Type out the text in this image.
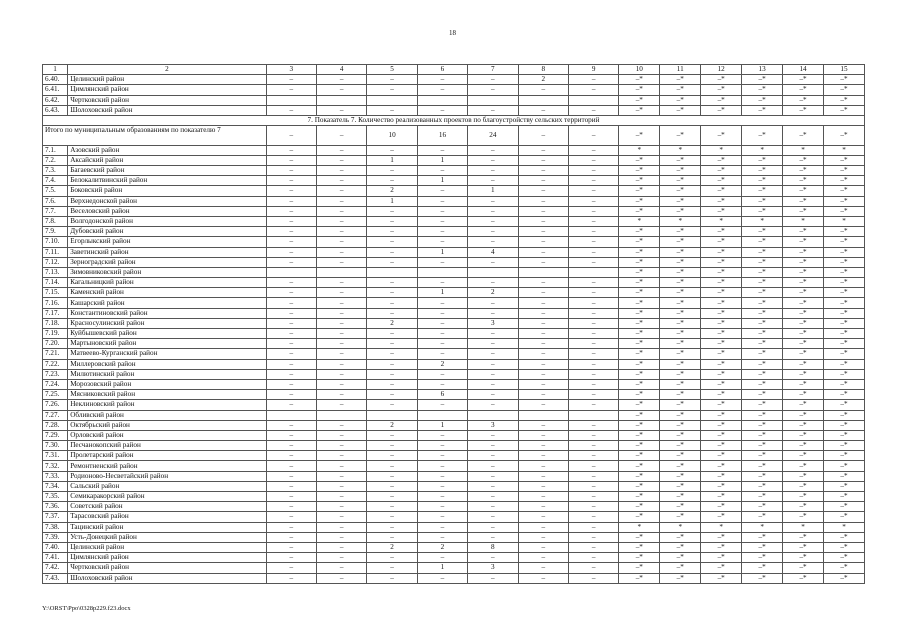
18
1	2	3	4	5	6	7	8	9	10	11	12	13	14	15
6.40.	Целинский район	–	–	–	–	–	2	–	–*	–*	–*	–*	–*	–*
6.41.	Цимлянский район	–	–	–	–	–	–	–	–*	–*	–*	–*	–*	–*
6.42.	Чертковский район								–*	–*	–*	–*	–*	–*
6.43.	Шолоховский район	–	–	–	–	–	–	–	–*	–*	–*	–*	–*	–*
7. Показатель 7. Количество реализованных проектов по благоустройству сельских территорий														
Итого по муниципальным образованиям по показателю 7		–	–	10	16	24	–	–	–*	–*	–*	–*	–*	–*
7.1.	Азовский район	–	–	–	–	–	–	–	*	*	*	*	*	*
7.2.	Аксайский район	–	–	1	1	–	–	–	–*	–*	–*	–*	–*	–*
7.3.	Багаевский район	–	–	–	–	–	–	–	–*	–*	–*	–*	–*	–*
7.4.	Белокалитвинский район	–	–	–	1	–	–	–	–*	–*	–*	–*	–*	–*
7.5.	Боковский район	–	–	2	–	1	–	–	–*	–*	–*	–*	–*	–*
7.6.	Верхнедонской район	–	–	1	–	–	–	–	–*	–*	–*	–*	–*	–*
7.7.	Веселовский район	–	–	–	–	–	–	–	–*	–*	–*	–*	–*	–*
7.8.	Волгодонской район	–	–	–	–	–	–	–	*	*	*	*	*	*
7.9.	Дубовский район	–	–	–	–	–	–	–	–*	–*	–*	–*	–*	–*
7.10.	Егорлыкский район	–	–	–	–	–	–	–	–*	–*	–*	–*	–*	–*
7.11.	Заветинский район	–	–	–	1	4	–	–	–*	–*	–*	–*	–*	–*
7.12.	Зерноградский район	–	–	–	–	–	–	–	–*	–*	–*	–*	–*	–*
7.13.	Зимовниковский район								–*	–*	–*	–*	–*	–*
7.14.	Кагальницкий район	–	–	–	–	–	–	–	–*	–*	–*	–*	–*	–*
7.15.	Каменский район	–	–	–	1	2	–	–	–*	–*	–*	–*	–*	–*
7.16.	Кашарский район	–	–	–	–	–	–	–	–*	–*	–*	–*	–*	–*
7.17.	Константиновский район	–	–	–	–	–	–	–	–*	–*	–*	–*	–*	–*
7.18.	Красносулинский район	–	–	2	–	3	–	–	–*	–*	–*	–*	–*	–*
7.19.	Куйбышевский район	–	–	–	–	–	–	–	–*	–*	–*	–*	–*	–*
7.20.	Мартыновский район	–	–	–	–	–	–	–	–*	–*	–*	–*	–*	–*
7.21.	Матвеево-Курганский район	–	–	–	–	–	–	–	–*	–*	–*	–*	–*	–*
7.22.	Миллеровский район	–	–	–	2	–	–	–	–*	–*	–*	–*	–*	–*
7.23.	Милютинский район	–	–	–	–	–	–	–	–*	–*	–*	–*	–*	–*
7.24.	Морозовский район	–	–	–	–	–	–	–	–*	–*	–*	–*	–*	–*
7.25.	Мясниковский район	–	–	–	6	–	–	–	–*	–*	–*	–*	–*	–*
7.26.	Неклиновский район	–	–	–	–	–	–	–	–*	–*	–*	–*	–*	–*
7.27.	Обливский район								–*	–*	–*	–*	–*	–*
7.28.	Октябрьский район	–	–	2	1	3	–	–	–*	–*	–*	–*	–*	–*
7.29.	Орловский район	–	–	–	–	–	–	–	–*	–*	–*	–*	–*	–*
7.30.	Песчанокопский район	–	–	–	–	–	–	–	–*	–*	–*	–*	–*	–*
7.31.	Пролетарский район	–	–	–	–	–	–	–	–*	–*	–*	–*	–*	–*
7.32.	Ремонтненский район	–	–	–	–	–	–	–	–*	–*	–*	–*	–*	–*
7.33.	Родионово-Несветайский район	–	–	–	–	–	–	–	–*	–*	–*	–*	–*	–*
7.34.	Сальский район	–	–	–	–	–	–	–	–*	–*	–*	–*	–*	–*
7.35.	Семикаракорский район	–	–	–	–	–	–	–	–*	–*	–*	–*	–*	–*
7.36.	Советский район	–	–	–	–	–	–	–	–*	–*	–*	–*	–*	–*
7.37.	Тарасовский район	–	–	–	–	–	–	–	–*	–*	–*	–*	–*	–*
7.38.	Тацинский район	–	–	–	–	–	–	–	*	*	*	*	*	*
7.39.	Усть-Донецкий район	–	–	–	–	–	–	–	–*	–*	–*	–*	–*	–*
7.40.	Целинский район	–	–	2	2	8	–	–	–*	–*	–*	–*	–*	–*
7.41.	Цимлянский район	–	–	–	–	–	–	–	–*	–*	–*	–*	–*	–*
7.42.	Чертковский район	–	–	–	1	3	–	–	–*	–*	–*	–*	–*	–*
7.43.	Шолоховский район	–	–	–	–	–	–	–	–*	–*	–*	–*	–*	–*
Y:\ORST\Ppo\0328p229.f23.docx
